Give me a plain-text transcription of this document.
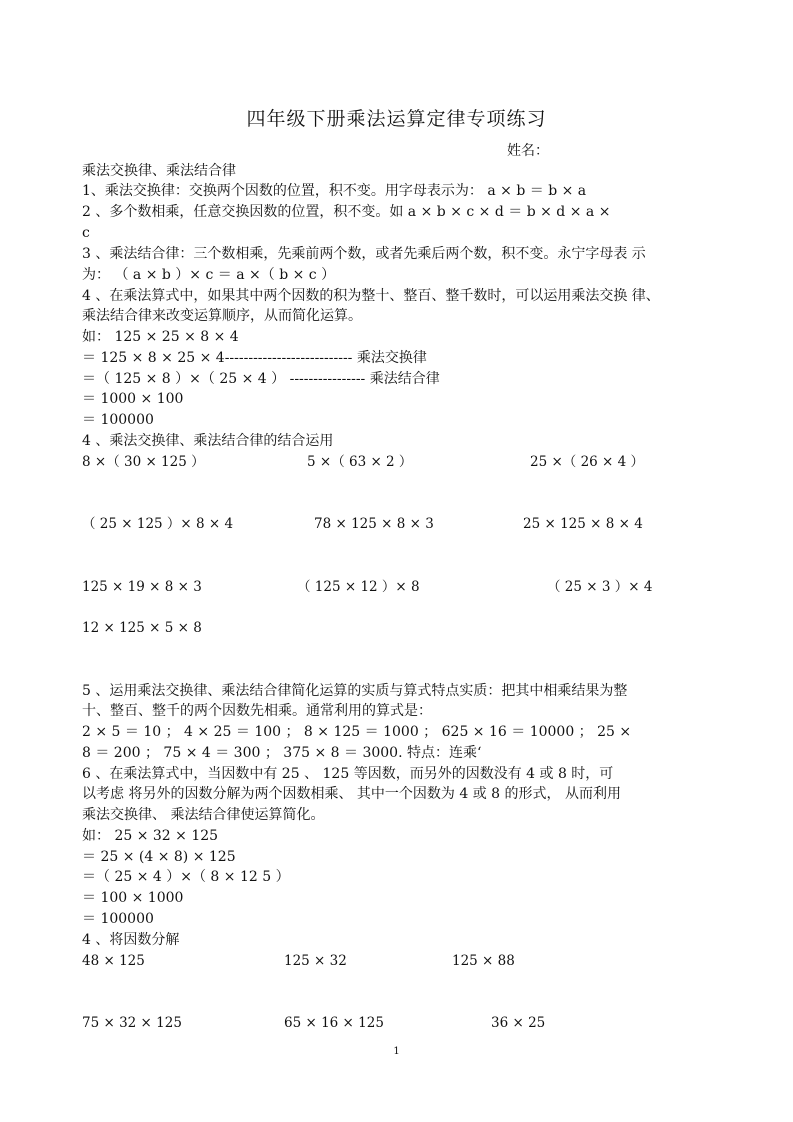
四年级下册乘法运算定律专项练习
姓名：
乘法交换律、乘法结合律
1、乘法交换律：交换两个因数的位置，积不变。用字母表示为： a × b ＝ b × a
2 、多个数相乘，任意交换因数的位置，积不变。如 a × b × c × d ＝ b × d × a ×
c
3 、乘法结合律：三个数相乘，先乘前两个数，或者先乘后两个数，积不变。永宁字母表 示
为： （ a × b ）× c ＝ a ×（ b × c ）
4 、在乘法算式中，如果其中两个因数的积为整十、整百、整千数时，可以运用乘法交换 律、
乘法结合律来改变运算顺序，从而简化运算。
如： 125 × 25 × 8 × 4
＝ 125 × 8 × 25 × 4--------------------------- 乘法交换律
＝（ 125 × 8 ）×（ 25 × 4 ） ---------------- 乘法结合律
＝ 1000 × 100
＝ 100000
4 、乘法交换律、乘法结合律的结合运用
8 ×（ 30 × 125 ）	5 ×（ 63 × 2 ）	25 ×（ 26 × 4 ）
（ 25 × 125 ）× 8 × 4	78 × 125 × 8 × 3	25 × 125 × 8 × 4
125 × 19 × 8 × 3	（ 125 × 12 ）× 8	（ 25 × 3 ）× 4
12 × 125 × 5 × 8
5 、运用乘法交换律、乘法结合律简化运算的实质与算式特点实质：把其中相乘结果为整
十、整百、整千的两个因数先相乘。通常利用的算式是：
2 × 5 ＝ 10 ； 4 × 25 ＝ 100 ； 8 × 125 ＝ 1000 ； 625 × 16 ＝ 10000 ； 25 ×
8 ＝ 200 ； 75 × 4 ＝ 300 ； 375 × 8 ＝ 3000. 特点：连乘‘
6 、在乘法算式中，当因数中有 25 、 125 等因数，而另外的因数没有 4 或 8 时，可
以考虑 将另外的因数分解为两个因数相乘、 其中一个因数为 4 或 8 的形式， 从而利用
乘法交换律、 乘法结合律使运算简化。
如： 25 × 32 × 125
＝ 25 × (4 × 8) × 125
＝（ 25 × 4 ）×（ 8 × 12 5 ）
＝ 100 × 1000
＝ 100000
4 、将因数分解
48 × 125	125 × 32	125 × 88
75 × 32 × 125	65 × 16 × 125	36 × 25
1
